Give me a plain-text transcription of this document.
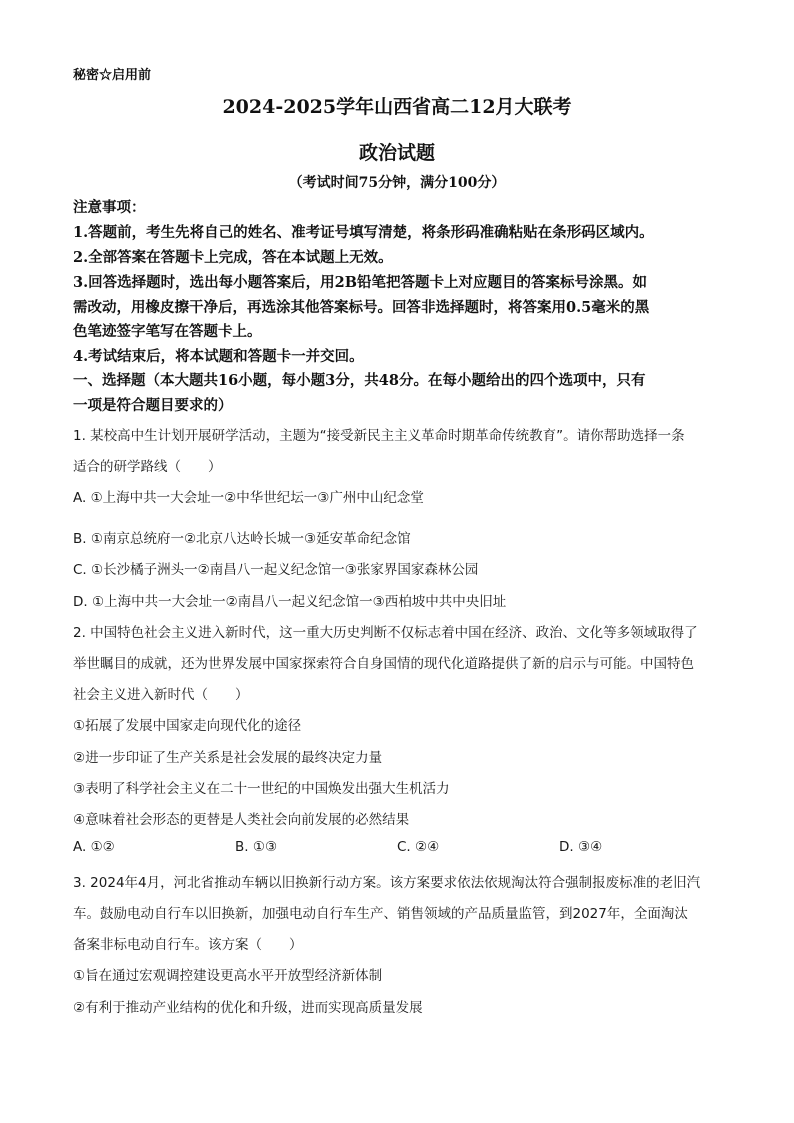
秘密☆启用前
2024-2025学年山西省高二12月大联考
政治试题
（考试时间75分钟，满分100分）
注意事项：
1.答题前，考生先将自己的姓名、准考证号填写清楚，将条形码准确粘贴在条形码区域内。
2.全部答案在答题卡上完成，答在本试题上无效。
3.回答选择题时，选出每小题答案后，用2B铅笔把答题卡上对应题目的答案标号涂黑。如
需改动，用橡皮擦干净后，再选涂其他答案标号。回答非选择题时，将答案用0.5毫米的黑
色笔迹签字笔写在答题卡上。
4.考试结束后，将本试题和答题卡一并交回。
一、选择题（本大题共16小题，每小题3分，共48分。在每小题给出的四个选项中，只有
一项是符合题目要求的）
1. 某校高中生计划开展研学活动，主题为“接受新民主主义革命时期革命传统教育”。请你帮助选择一条
适合的研学路线（　　）
A. ①上海中共一大会址一②中华世纪坛一③广州中山纪念堂
B. ①南京总统府一②北京八达岭长城一③延安革命纪念馆
C. ①长沙橘子洲头一②南昌八一起义纪念馆一③张家界国家森林公园
D. ①上海中共一大会址一②南昌八一起义纪念馆一③西柏坡中共中央旧址
2. 中国特色社会主义进入新时代，这一重大历史判断不仅标志着中国在经济、政治、文化等多领域取得了
举世瞩目的成就，还为世界发展中国家探索符合自身国情的现代化道路提供了新的启示与可能。中国特色
社会主义进入新时代（　　）
①拓展了发展中国家走向现代化的途径
②进一步印证了生产关系是社会发展的最终决定力量
③表明了科学社会主义在二十一世纪的中国焕发出强大生机活力
④意味着社会形态的更替是人类社会向前发展的必然结果
A. ①②	B. ①③	C. ②④	D. ③④
3. 2024年4月，河北省推动车辆以旧换新行动方案。该方案要求依法依规淘汰符合强制报废标准的老旧汽
车。鼓励电动自行车以旧换新，加强电动自行车生产、销售领域的产品质量监管，到2027年，全面淘汰
备案非标电动自行车。该方案（　　）
①旨在通过宏观调控建设更高水平开放型经济新体制
②有利于推动产业结构的优化和升级，进而实现高质量发展
